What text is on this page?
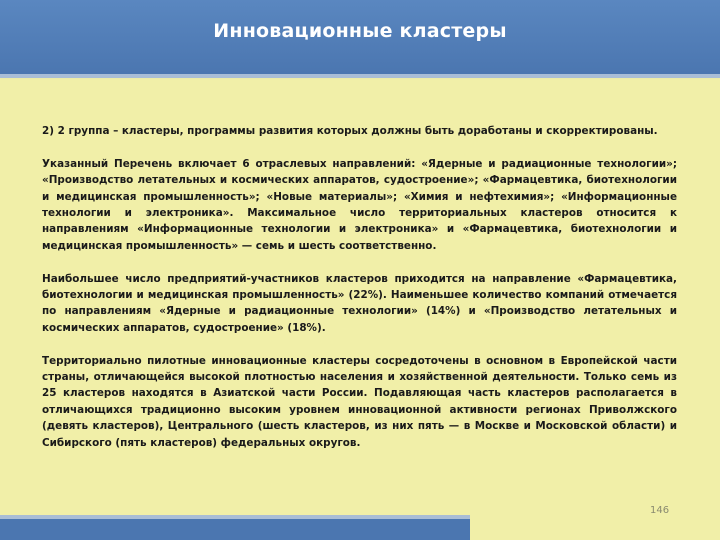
Инновационные кластеры

2) 2 группа – кластеры, программы развития которых должны быть доработаны и скорректированы.

Указанный Перечень включает 6 отраслевых направлений: «Ядерные и радиационные технологии»; «Производство летательных и космических аппаратов, судостроение»; «Фармацевтика, биотехнологии и медицинская промышленность»; «Новые материалы»; «Химия и нефтехимия»; «Информационные технологии и электроника». Максимальное число территориальных кластеров относится к направлениям «Информационные технологии и электроника» и «Фармацевтика, биотехнологии и медицинская промышленность» — семь и шесть соответственно.

Наибольшее число предприятий-участников кластеров приходится на направление «Фармацевтика, биотехнологии и медицинская промышленность» (22%). Наименьшее количество компаний отмечается по направлениям «Ядерные и радиационные технологии» (14%) и «Производство летательных и космических аппаратов, судостроение» (18%).

Территориально пилотные инновационные кластеры сосредоточены в основном в Европейской части страны, отличающейся высокой плотностью населения и хозяйственной деятельности. Только семь из 25 кластеров находятся в Азиатской части России. Подавляющая часть кластеров располагается в отличающихся традиционно высоким уровнем инновационной активности регионах Приволжского (девять кластеров), Центрального (шесть кластеров, из них пять — в Москве и Московской области) и Сибирского (пять кластеров) федеральных округов.

146
